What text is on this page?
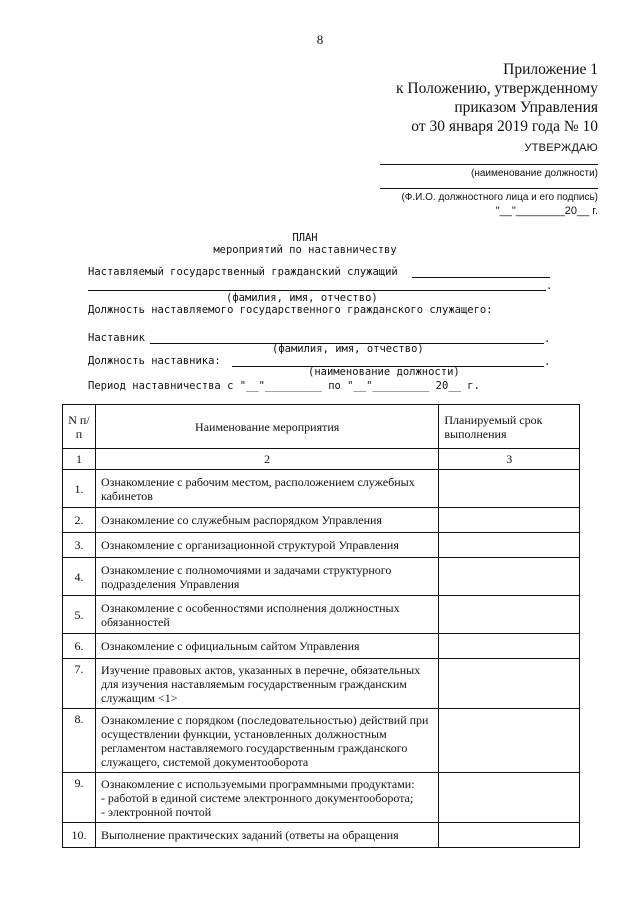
8
Приложение 1
к Положению, утвержденному
приказом Управления
от 30 января 2019 года № 10
УТВЕРЖДАЮ
(наименование должности)
(Ф.И.О. должностного лица и его подпись)
"__"________20__ г.
ПЛАН
мероприятий по наставничеству
Наставляемый государственный гражданский служащий
.
(фамилия, имя, отчество)
Должность наставляемого государственного гражданского служащего:
Наставник	.
(фамилия, имя, отчество)
Должность наставника:	.
(наименование должности)
Период наставничества с "__"_________ по "__"_________ 20__ г.
N п/п	Наименование мероприятия	Планируемый срок выполнения
1	2	3
1.	Ознакомление с рабочим местом, расположением служебных кабинетов	
2.	Ознакомление со служебным распорядком Управления	
3.	Ознакомление с организационной структурой Управления	
4.	Ознакомление с полномочиями и задачами структурного подразделения Управления	
5.	Ознакомление с особенностями исполнения должностных обязанностей	
6.	Ознакомление с официальным сайтом Управления	
7.	Изучение правовых актов, указанных в перечне, обязательных для изучения наставляемым государственным гражданским служащим <1>	
8.	Ознакомление с порядком (последовательностью) действий при осуществлении функции, установленных должностным регламентом наставляемого государственным гражданского служащего, системой документооборота	
9.	Ознакомление с используемыми программными продуктами:
- работой в единой системе электронного документооборота;
- электронной почтой	
10.	Выполнение практических заданий (ответы на обращения	
